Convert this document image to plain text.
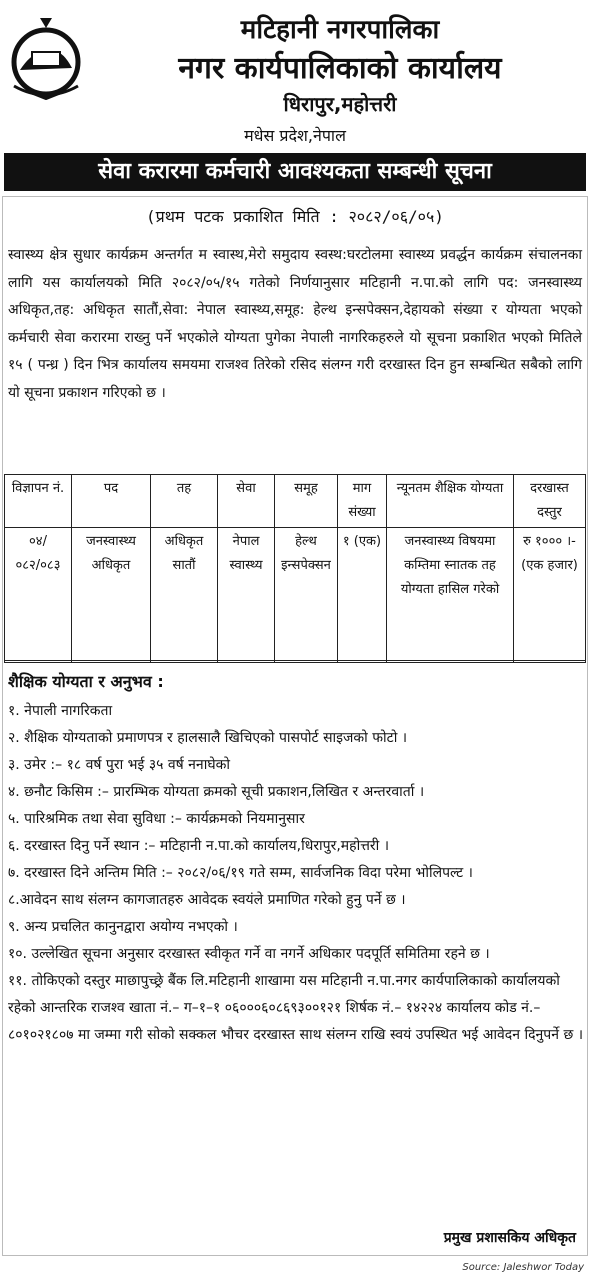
मटिहानी नगरपालिका
नगर कार्यपालिकाको कार्यालय
धिरापुर,महोत्तरी
मधेस प्रदेश,नेपाल
सेवा करारमा कर्मचारी आवश्यकता सम्बन्धी सूचना
(प्रथम पटक प्रकाशित मिति : २०८२/०६/०५)
स्वास्थ्य क्षेत्र सुधार कार्यक्रम अन्तर्गत म स्वास्थ,मेरो समुदाय स्वस्थ:घरटोलमा स्वास्थ्य प्रवर्द्धन कार्यक्रम संचालनका लागि यस कार्यालयको मिति २०८२/०५/१५ गतेको निर्णयानुसार मटिहानी न.पा.को लागि पद: जनस्वास्थ्य अधिकृत,तह: अधिकृत सातौं,सेवा: नेपाल स्वास्थ्य,समूह: हेल्थ इन्सपेक्सन,देहायको संख्या र योग्यता भएको कर्मचारी सेवा करारमा राख्नु पर्ने भएकोले योग्यता पुगेका नेपाली नागरिकहरुले यो सूचना प्रकाशित भएको मितिले १५ ( पन्ध्र ) दिन भित्र कार्यालय समयमा राजश्व तिरेको रसिद संलग्न गरी दरखास्त दिन हुन सम्बन्धित सबैको लागि यो सूचना प्रकाशन गरिएको छ ।
विज्ञापन नं.	पद	तह	सेवा	समूह	माग संख्या	न्यूनतम शैक्षिक योग्यता	दरखास्त दस्तुर
०४/ ०८२/०८३	जनस्वास्थ्य अधिकृत	अधिकृत सातौं	नेपाल स्वास्थ्य	हेल्थ इन्सपेक्सन	१ (एक)	जनस्वास्थ्य विषयमा कम्तिमा स्नातक तह योग्यता हासिल गरेको	रु १००० ।- (एक हजार)
शैक्षिक योग्यता र अनुभव :
१. नेपाली नागरिकता
२. शैक्षिक योग्यताको प्रमाणपत्र र हालसालै खिचिएको पासपोर्ट साइजको फोटो ।
३. उमेर :– १८ वर्ष पुरा भई ३५ वर्ष ननाघेको
४. छनौट किसिम :– प्रारम्भिक योग्यता क्रमको सूची प्रकाशन,लिखित र अन्तरवार्ता ।
५. पारिश्रमिक तथा सेवा सुविधा :– कार्यक्रमको नियमानुसार
६. दरखास्त दिनु पर्ने स्थान :– मटिहानी न.पा.को कार्यालय,धिरापुर,महोत्तरी ।
७. दरखास्त दिने अन्तिम मिति :– २०८२/०६/१९ गते सम्म, सार्वजनिक विदा परेमा भोलिपल्ट ।
८.आवेदन साथ संलग्न कागजातहरु आवेदक स्वयंले प्रमाणित गरेको हुनु पर्ने छ ।
९. अन्य प्रचलित कानुनद्वारा अयोग्य नभएको ।
१०. उल्लेखित सूचना अनुसार दरखास्त स्वीकृत गर्ने वा नगर्ने अधिकार पदपूर्ति समितिमा रहने छ ।
११. तोकिएको दस्तुर माछापुच्छ्रे बैंक लि.मटिहानी शाखामा यस मटिहानी न.पा.नगर कार्यपालिकाको कार्यालयको रहेको आन्तरिक राजश्व खाता नं.– ग–१–१ ०६०००६०८६९३००१२१ शिर्षक नं.– १४२२४ कार्यालय कोड नं.– ८०१०२१८०७ मा जम्मा गरी सोको सक्कल भौचर दरखास्त साथ संलग्न राखि स्वयं उपस्थित भई आवेदन दिनुपर्ने छ ।
प्रमुख प्रशासकिय अधिकृत
Source: Jaleshwor Today
